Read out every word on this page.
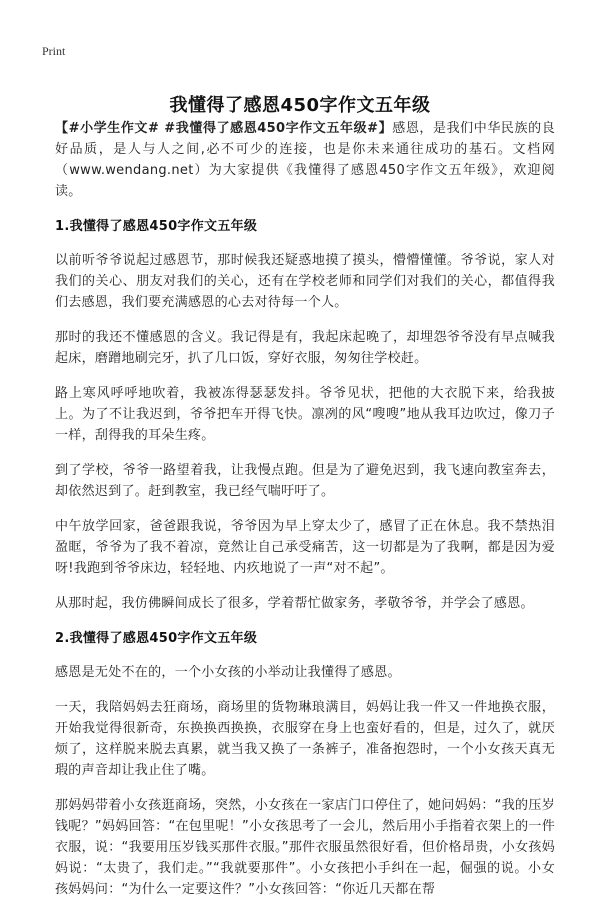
Print
我懂得了感恩450字作文五年级

【#小学生作文# #我懂得了感恩450字作文五年级#】感恩，是我们中华民族的良好品质，是人与人之间,必不可少的连接，也是你未来通往成功的基石。文档网（www.wendang.net）为大家提供《我懂得了感恩450字作文五年级》，欢迎阅读。

1.我懂得了感恩450字作文五年级

以前听爷爷说起过感恩节，那时候我还疑惑地摸了摸头，懵懵懂懂。爷爷说，家人对我们的关心、朋友对我们的关心，还有在学校老师和同学们对我们的关心，都值得我们去感恩，我们要充满感恩的心去对待每一个人。

那时的我还不懂感恩的含义。我记得是有，我起床起晚了，却埋怨爷爷没有早点喊我起床，磨蹭地刷完牙，扒了几口饭，穿好衣服，匆匆往学校赶。

路上寒风呼呼地吹着，我被冻得瑟瑟发抖。爷爷见状，把他的大衣脱下来，给我披上。为了不让我迟到，爷爷把车开得飞快。凛冽的风“嗖嗖”地从我耳边吹过，像刀子一样，刮得我的耳朵生疼。

到了学校，爷爷一路望着我，让我慢点跑。但是为了避免迟到，我飞速向教室奔去，却依然迟到了。赶到教室，我已经气喘吁吁了。

中午放学回家，爸爸跟我说，爷爷因为早上穿太少了，感冒了正在休息。我不禁热泪盈眶，爷爷为了我不着凉，竟然让自己承受痛苦，这一切都是为了我啊，都是因为爱呀!我跑到爷爷床边，轻轻地、内疚地说了一声“对不起”。

从那时起，我仿佛瞬间成长了很多，学着帮忙做家务，孝敬爷爷，并学会了感恩。

2.我懂得了感恩450字作文五年级

感恩是无处不在的，一个小女孩的小举动让我懂得了感恩。

一天，我陪妈妈去狂商场，商场里的货物琳琅满目，妈妈让我一件又一件地换衣服，开始我觉得很新奇，东换换西换换，衣服穿在身上也蛮好看的，但是，过久了，就厌烦了，这样脱来脱去真累，就当我又换了一条裤子，准备抱怨时，一个小女孩天真无瑕的声音却让我止住了嘴。

那妈妈带着小女孩逛商场，突然，小女孩在一家店门口停住了，她问妈妈：“我的压岁钱呢？”妈妈回答：“在包里呢！”小女孩思考了一会儿，然后用小手指着衣架上的一件衣服，说：“我要用压岁钱买那件衣服。”那件衣服虽然很好看，但价格昂贵，小女孩妈妈说：“太贵了，我们走。”“我就要那件”。小女孩把小手纠在一起，倔强的说。小女孩妈妈问：“为什么一定要这件？”小女孩回答：“你近几天都在帮
